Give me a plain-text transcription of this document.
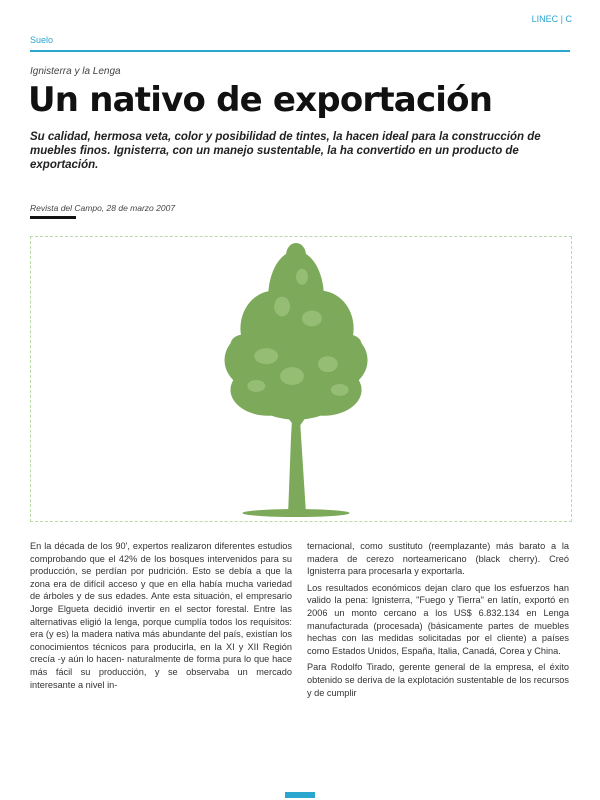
LINEC | C
Suelo
Ignisterra y la Lenga
Un nativo de exportación
Su calidad, hermosa veta, color y posibilidad de tintes, la hacen ideal para la construcción de muebles finos. Ignisterra, con un manejo sustentable, la ha convertido en un producto de exportación.
Revista del Campo, 28 de marzo 2007

En la década de los 90', expertos realizaron diferentes estudios comprobando que el 42% de los bosques intervenidos para su producción, se perdían por pudrición. Esto se debía a que la zona era de difícil acceso y que en ella había mucha variedad de árboles y de sus edades. Ante esta situación, el empresario Jorge Elgueta decidió invertir en el sector forestal. Entre las alternativas eligió la lenga, porque cumplía todos los requisitos: era (y es) la madera nativa más abundante del país, existían los conocimientos técnicos para producirla, en la XI y XII Región crecía -y aún lo hacen- naturalmente de forma pura lo que hace más fácil su producción, y se observaba un mercado interesante a nivel in-

ternacional, como sustituto (reemplazante) más barato a la madera de cerezo norteamericano (black cherry). Creó Ignisterra para procesarla y exportarla.

Los resultados económicos dejan claro que los esfuerzos han valido la pena: Ignisterra, "Fuego y Tierra" en latín, exportó en 2006 un monto cercano a los US$ 6.832.134 en Lenga manufacturada (procesada) (básicamente partes de muebles hechas con las medidas solicitadas por el cliente) a países como Estados Unidos, España, Italia, Canadá, Corea y China.

Para Rodolfo Tirado, gerente general de la empresa, el éxito obtenido se deriva de la explotación sustentable de los recursos y de cumplir
